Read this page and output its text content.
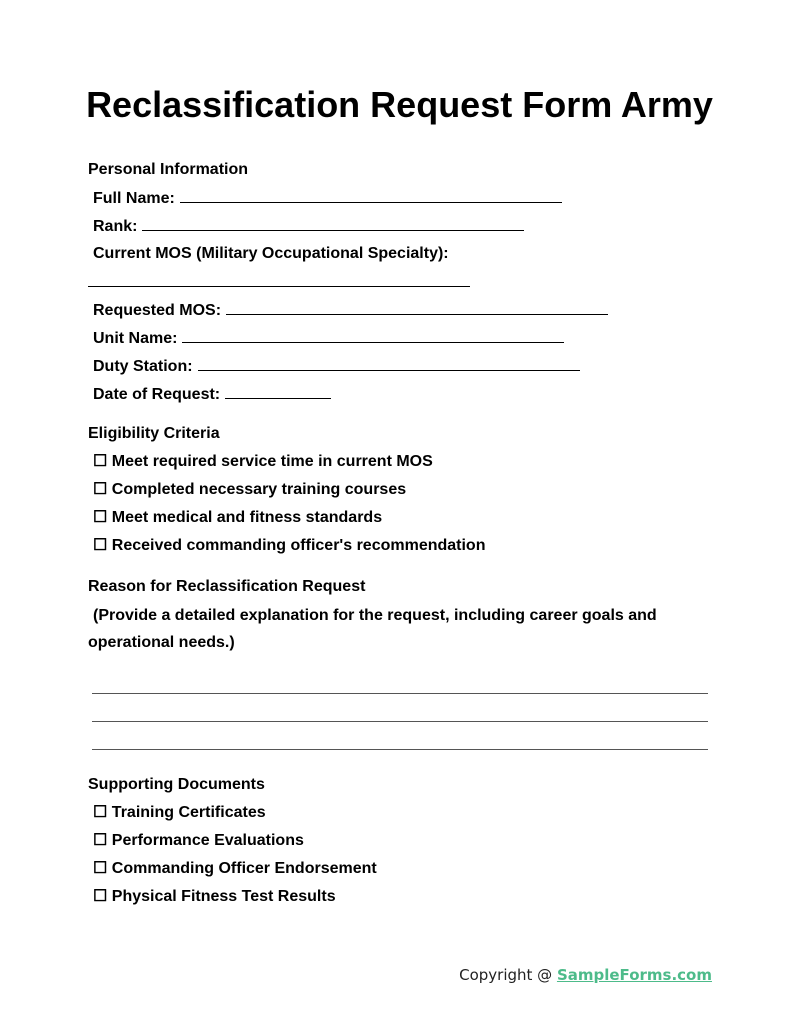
Reclassification Request Form Army
Personal Information
Full Name:
Rank:
Current MOS (Military Occupational Specialty):
Requested MOS:
Unit Name:
Duty Station:
Date of Request:
Eligibility Criteria
☐ Meet required service time in current MOS
☐ Completed necessary training courses
☐ Meet medical and fitness standards
☐ Received commanding officer's recommendation
Reason for Reclassification Request
(Provide a detailed explanation for the request, including career goals and operational needs.)
Supporting Documents
☐ Training Certificates
☐ Performance Evaluations
☐ Commanding Officer Endorsement
☐ Physical Fitness Test Results
Copyright @ SampleForms.com
